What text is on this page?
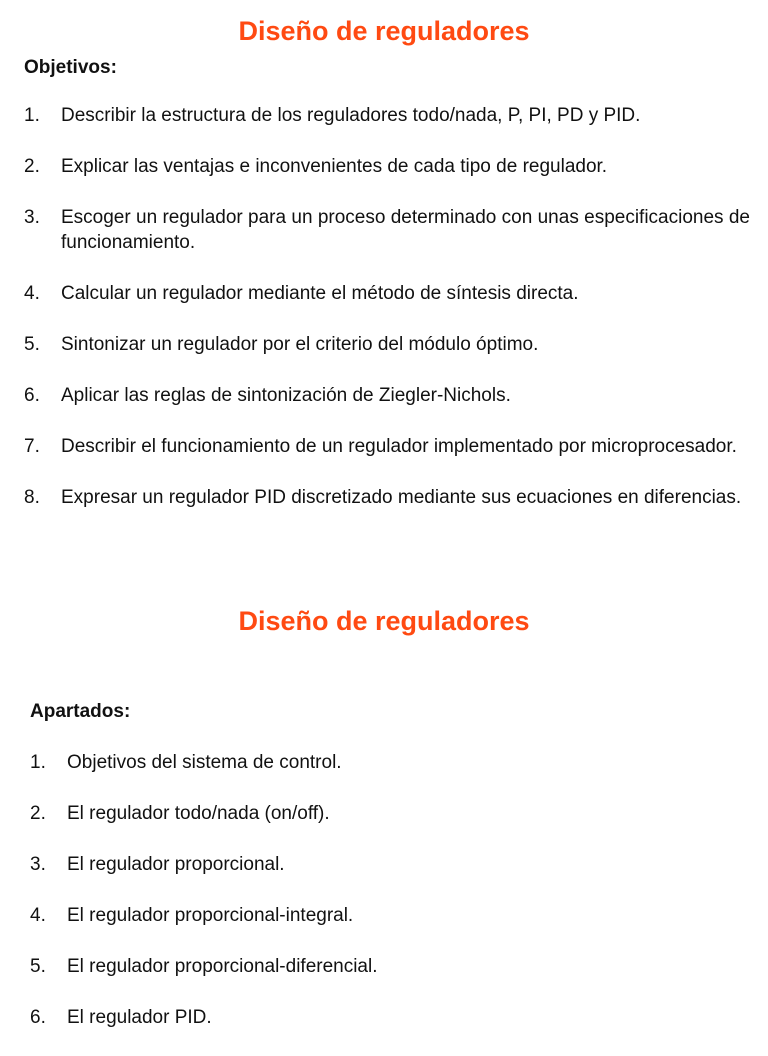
Diseño de reguladores
Objetivos:
1. Describir la estructura de los reguladores todo/nada, P, PI, PD y PID.
2. Explicar las ventajas e inconvenientes de cada tipo de regulador.
3. Escoger un regulador para un proceso determinado con unas especificaciones de funcionamiento.
4. Calcular un regulador mediante el método de síntesis directa.
5. Sintonizar un regulador por el criterio del módulo óptimo.
6. Aplicar las reglas de sintonización de Ziegler-Nichols.
7. Describir el funcionamiento de un regulador implementado por microprocesador.
8. Expresar un regulador PID discretizado mediante sus ecuaciones en diferencias.
Diseño de reguladores
Apartados:
1. Objetivos del sistema de control.
2. El regulador todo/nada (on/off).
3. El regulador proporcional.
4. El regulador proporcional-integral.
5. El regulador proporcional-diferencial.
6. El regulador PID.
